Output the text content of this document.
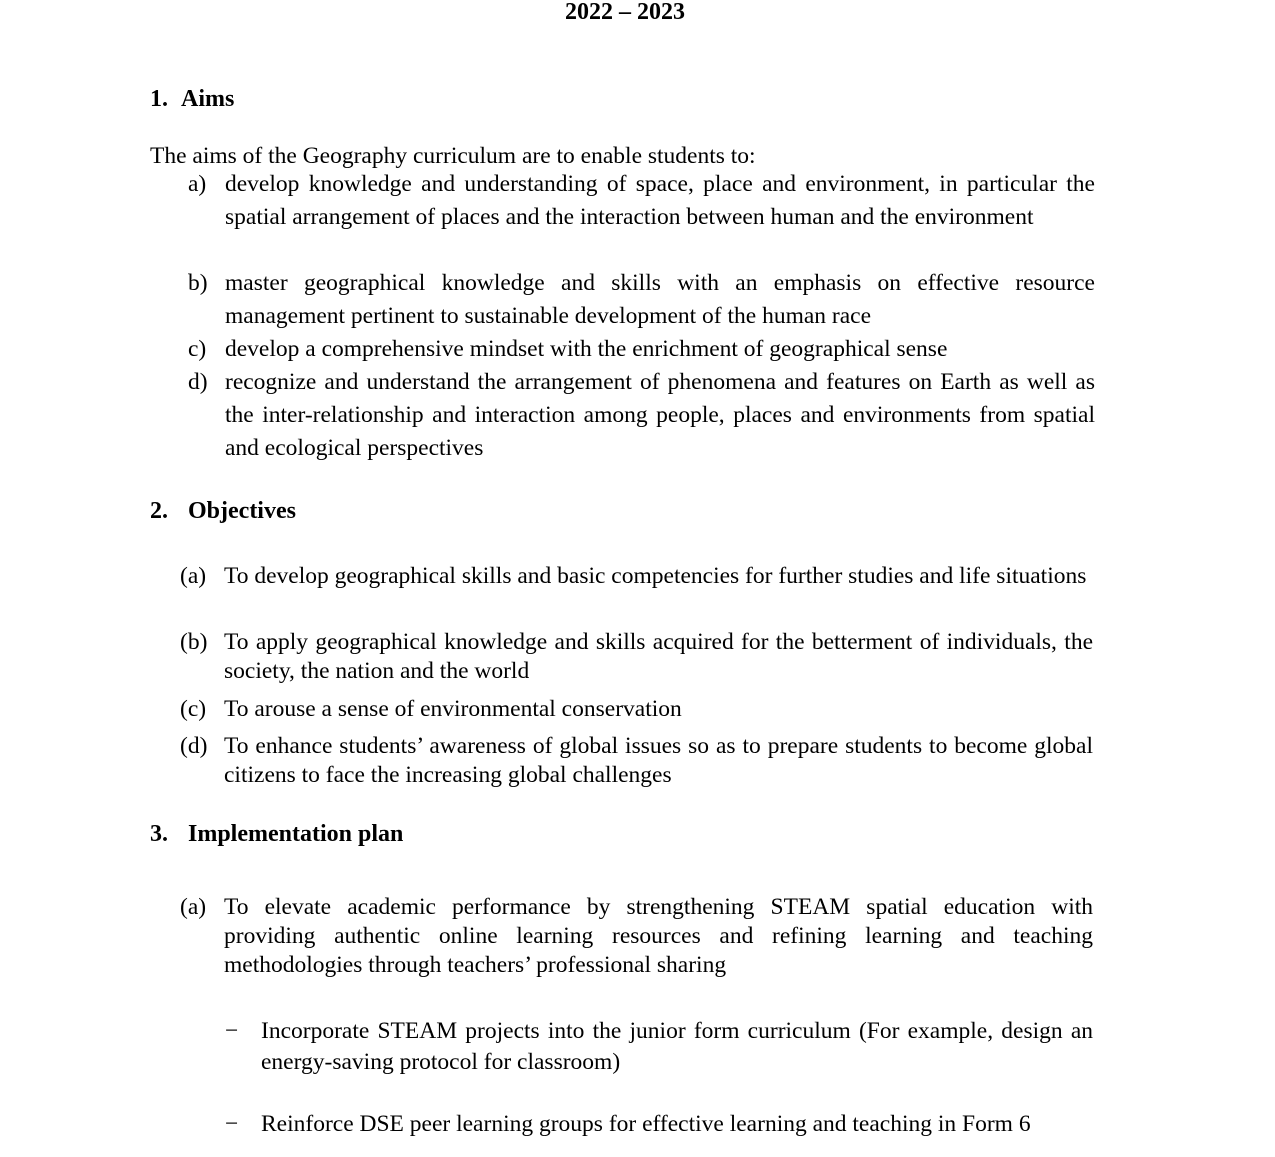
2022 – 2023
1. Aims
The aims of the Geography curriculum are to enable students to:
a) develop knowledge and understanding of space, place and environment, in particular the spatial arrangement of places and the interaction between human and the environment
b) master geographical knowledge and skills with an emphasis on effective resource management pertinent to sustainable development of the human race
c) develop a comprehensive mindset with the enrichment of geographical sense
d) recognize and understand the arrangement of phenomena and features on Earth as well as the inter-relationship and interaction among people, places and environments from spatial and ecological perspectives
2. Objectives
(a) To develop geographical skills and basic competencies for further studies and life situations
(b) To apply geographical knowledge and skills acquired for the betterment of individuals, the society, the nation and the world
(c) To arouse a sense of environmental conservation
(d) To enhance students’ awareness of global issues so as to prepare students to become global citizens to face the increasing global challenges
3. Implementation plan
(a) To elevate academic performance by strengthening STEAM spatial education with providing authentic online learning resources and refining learning and teaching methodologies through teachers’ professional sharing
− Incorporate STEAM projects into the junior form curriculum (For example, design an energy-saving protocol for classroom)
− Reinforce DSE peer learning groups for effective learning and teaching in Form 6
